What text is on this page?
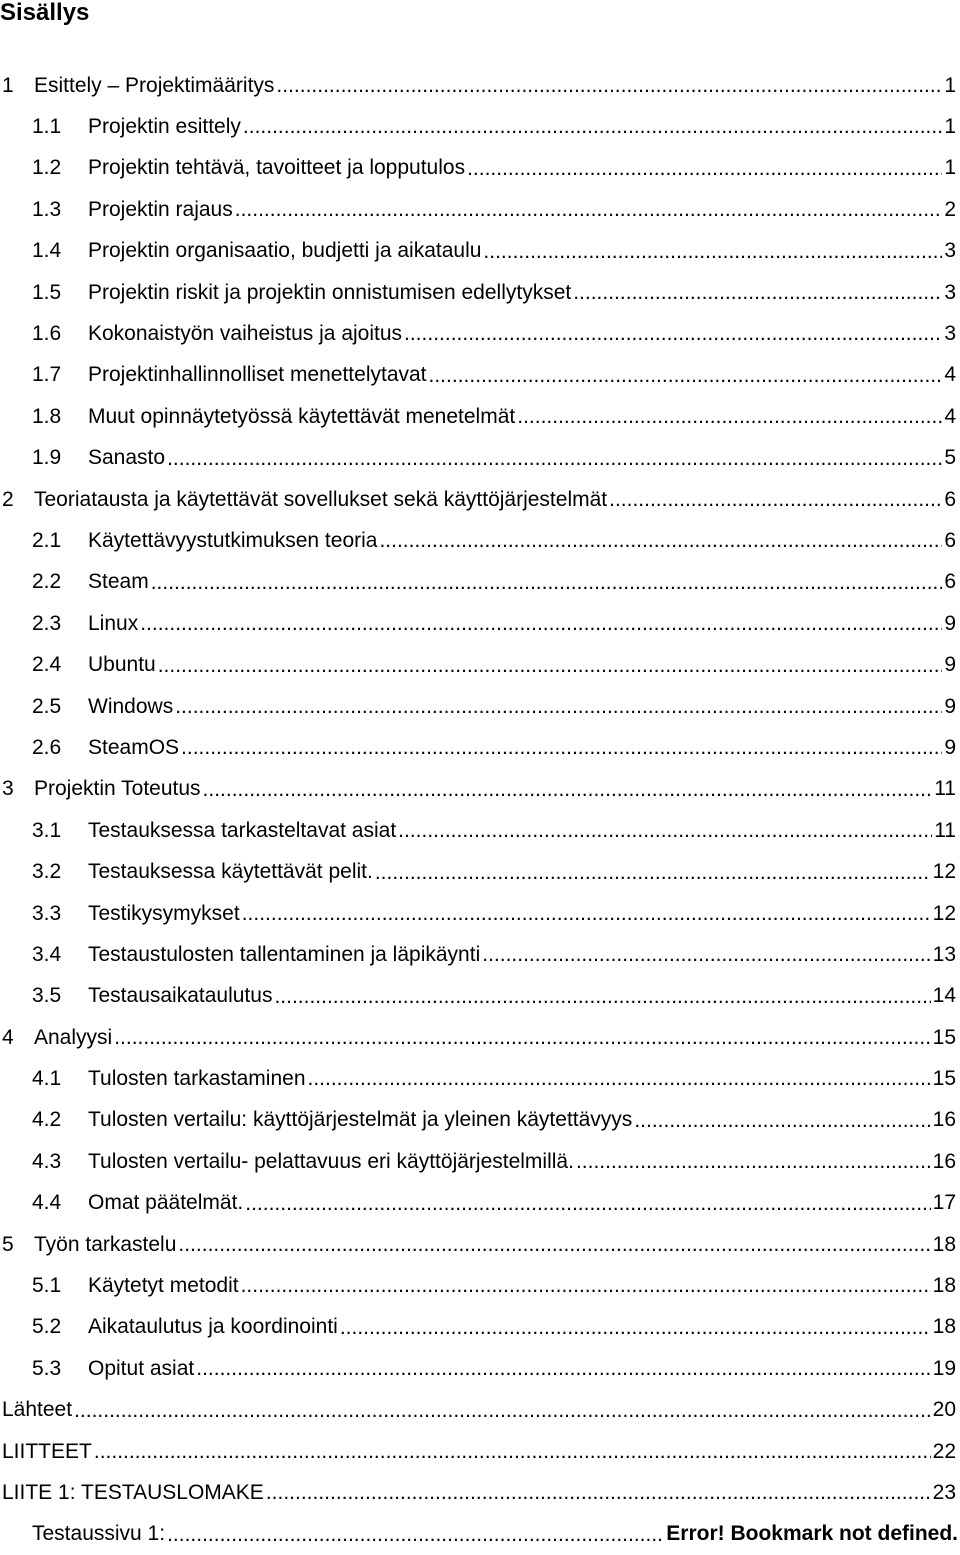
Sisällys
1 Esittely – Projektimääritys .....	1
1.1	Projektin esittely .....	1
1.2	Projektin tehtävä, tavoitteet ja lopputulos .....	1
1.3	Projektin rajaus .....	2
1.4	Projektin organisaatio, budjetti ja aikataulu .....	3
1.5	Projektin riskit ja projektin onnistumisen edellytykset .....	3
1.6	Kokonaistyön vaiheistus ja ajoitus .....	3
1.7	Projektinhallinnolliset menettelytavat .....	4
1.8	Muut opinnäytetyössä käytettävät menetelmät .....	4
1.9	Sanasto .....	5
2 Teoriatausta ja käytettävät sovellukset sekä käyttöjärjestelmät .....	6
2.1	Käytettävyystutkimuksen teoria .....	6
2.2	Steam .....	6
2.3	Linux .....	9
2.4	Ubuntu .....	9
2.5	Windows .....	9
2.6	SteamOS .....	9
3 Projektin Toteutus .....	11
3.1	Testauksessa tarkasteltavat asiat .....	11
3.2	Testauksessa käytettävät pelit. .....	12
3.3	Testikysymykset .....	12
3.4	Testaustulosten tallentaminen ja läpikäynti .....	13
3.5	Testausaikataulutus .....	14
4 Analyysi .....	15
4.1	Tulosten tarkastaminen .....	15
4.2	Tulosten vertailu: käyttöjärjestelmät ja yleinen käytettävyys .....	16
4.3	Tulosten vertailu- pelattavuus eri käyttöjärjestelmillä. .....	16
4.4	Omat päätelmät. .....	17
5 Työn tarkastelu .....	18
5.1	Käytetyt metodit .....	18
5.2	Aikataulutus ja koordinointi .....	18
5.3	Opitut asiat .....	19
Lähteet .....	20
LIITTEET .....	22
LIITE 1: TESTAUSLOMAKE .....	23
Testaussivu 1: .....	Error! Bookmark not defined.
